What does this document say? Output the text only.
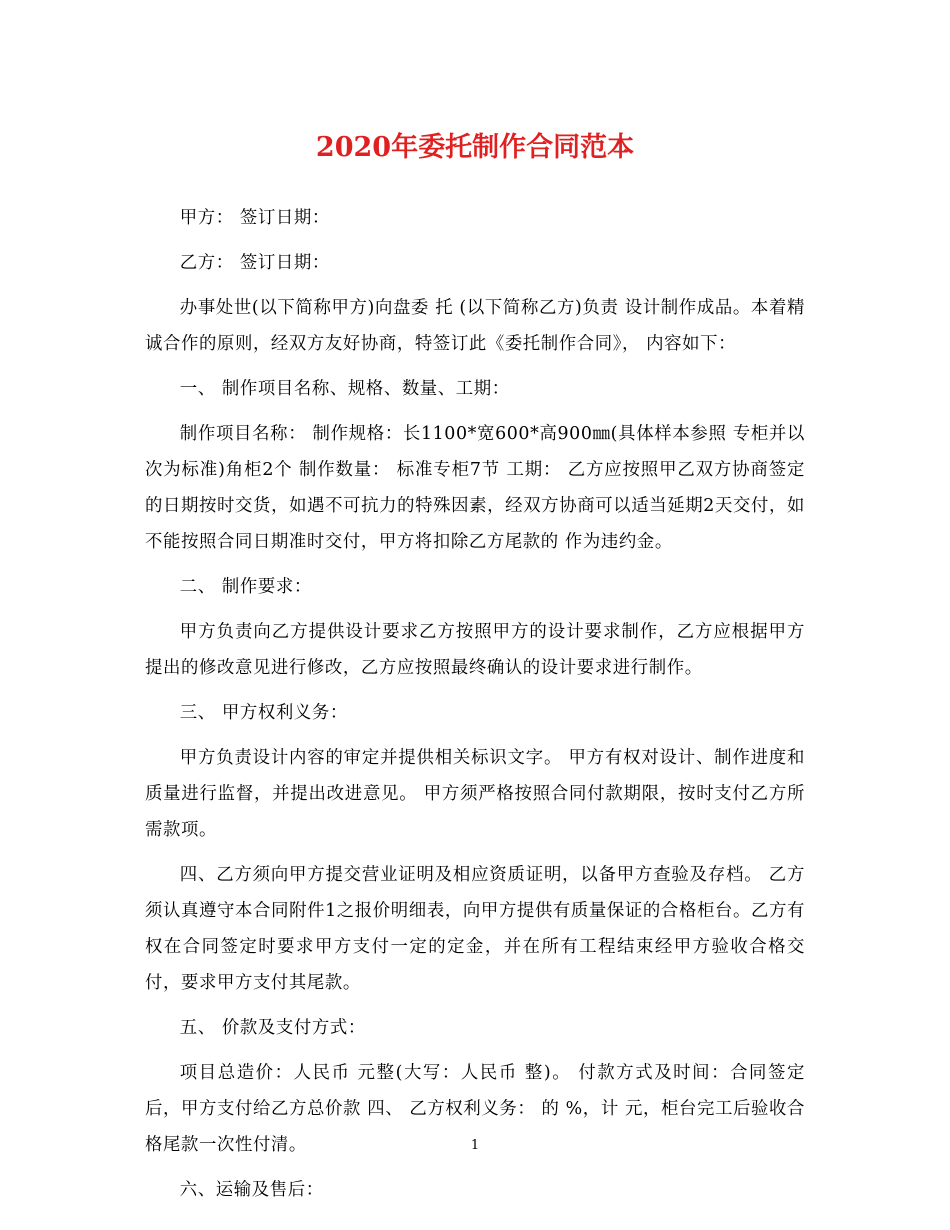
2020年委托制作合同范本

甲方： 签订日期：

乙方： 签订日期：

办事处世(以下简称甲方)向盘委 托 (以下简称乙方)负责 设计制作成品。本着精诚合作的原则，经双方友好协商，特签订此《委托制作合同》， 内容如下：

一、 制作项目名称、规格、数量、工期：

制作项目名称： 制作规格：长1100*宽600*高900㎜(具体样本参照 专柜并以次为标准)角柜2个 制作数量： 标准专柜7节 工期： 乙方应按照甲乙双方协商签定的日期按时交货，如遇不可抗力的特殊因素，经双方协商可以适当延期2天交付，如不能按照合同日期准时交付，甲方将扣除乙方尾款的 作为违约金。

二、 制作要求：

甲方负责向乙方提供设计要求乙方按照甲方的设计要求制作，乙方应根据甲方提出的修改意见进行修改，乙方应按照最终确认的设计要求进行制作。

三、 甲方权利义务：

甲方负责设计内容的审定并提供相关标识文字。 甲方有权对设计、制作进度和质量进行监督，并提出改进意见。 甲方须严格按照合同付款期限，按时支付乙方所需款项。

四、乙方须向甲方提交营业证明及相应资质证明，以备甲方查验及存档。 乙方须认真遵守本合同附件1之报价明细表，向甲方提供有质量保证的合格柜台。乙方有权在合同签定时要求甲方支付一定的定金，并在所有工程结束经甲方验收合格交付，要求甲方支付其尾款。

五、 价款及支付方式：

项目总造价：人民币 元整(大写：人民币 整)。 付款方式及时间：合同签定后，甲方支付给乙方总价款 四、 乙方权利义务： 的 %，计 元，柜台完工后验收合格尾款一次性付清。

六、运输及售后：

1
